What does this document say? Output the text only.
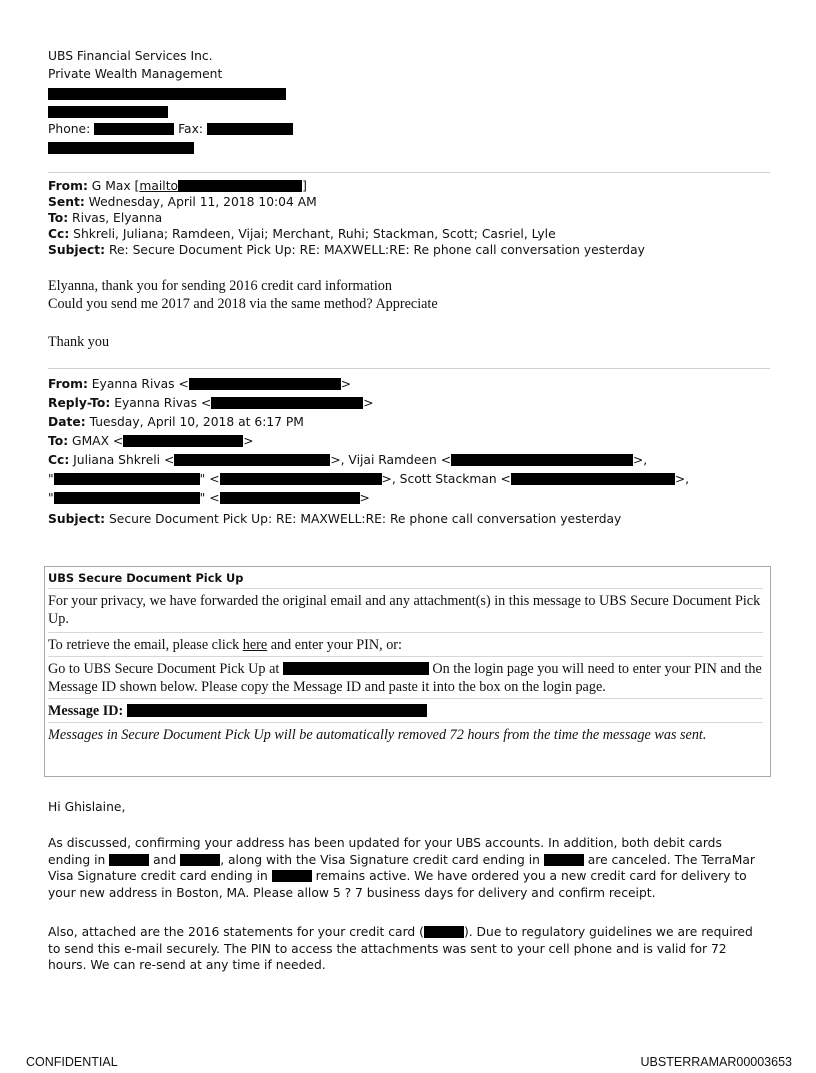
UBS Financial Services Inc.
Private Wealth Management
Phone:	Fax:
From: G Max [mailto	]
Sent: Wednesday, April 11, 2018 10:04 AM
To: Rivas, Elyanna
Cc: Shkreli, Juliana; Ramdeen, Vijai; Merchant, Ruhi; Stackman, Scott; Casriel, Lyle
Subject: Re: Secure Document Pick Up: RE: MAXWELL:RE: Re phone call conversation yesterday
Elyanna, thank you for sending 2016 credit card information
Could you send me 2017 and 2018 via the same method? Appreciate
Thank you
From: Eyanna Rivas <	>
Reply-To: Eyanna Rivas <	>
Date: Tuesday, April 10, 2018 at 6:17 PM
To: GMAX <	>
Cc: Juliana Shkreli <	>, Vijai Ramdeen <	>,
"	" <	>, Scott Stackman <	>,
"	" <	>
Subject: Secure Document Pick Up: RE: MAXWELL:RE: Re phone call conversation yesterday
UBS Secure Document Pick Up

For your privacy, we have forwarded the original email and any attachment(s) in this message to UBS Secure Document Pick Up.

To retrieve the email, please click here and enter your PIN, or:

Go to UBS Secure Document Pick Up at	On the login page you will need to enter your PIN and the Message ID shown below. Please copy the Message ID and paste it into the box on the login page.

Message ID:

Messages in Secure Document Pick Up will be automatically removed 72 hours from the time the message was sent.

Hi Ghislaine,
As discussed, confirming your address has been updated for your UBS accounts. In addition, both debit cards ending in	and	, along with the Visa Signature credit card ending in	are canceled. The TerraMar Visa Signature credit card ending in	remains active. We have ordered you a new credit card for delivery to your new address in Boston, MA. Please allow 5 ? 7 business days for delivery and confirm receipt.
Also, attached are the 2016 statements for your credit card (	). Due to regulatory guidelines we are required to send this e-mail securely. The PIN to access the attachments was sent to your cell phone and is valid for 72 hours. We can re-send at any time if needed.
CONFIDENTIAL	UBSTERRAMAR00003653
